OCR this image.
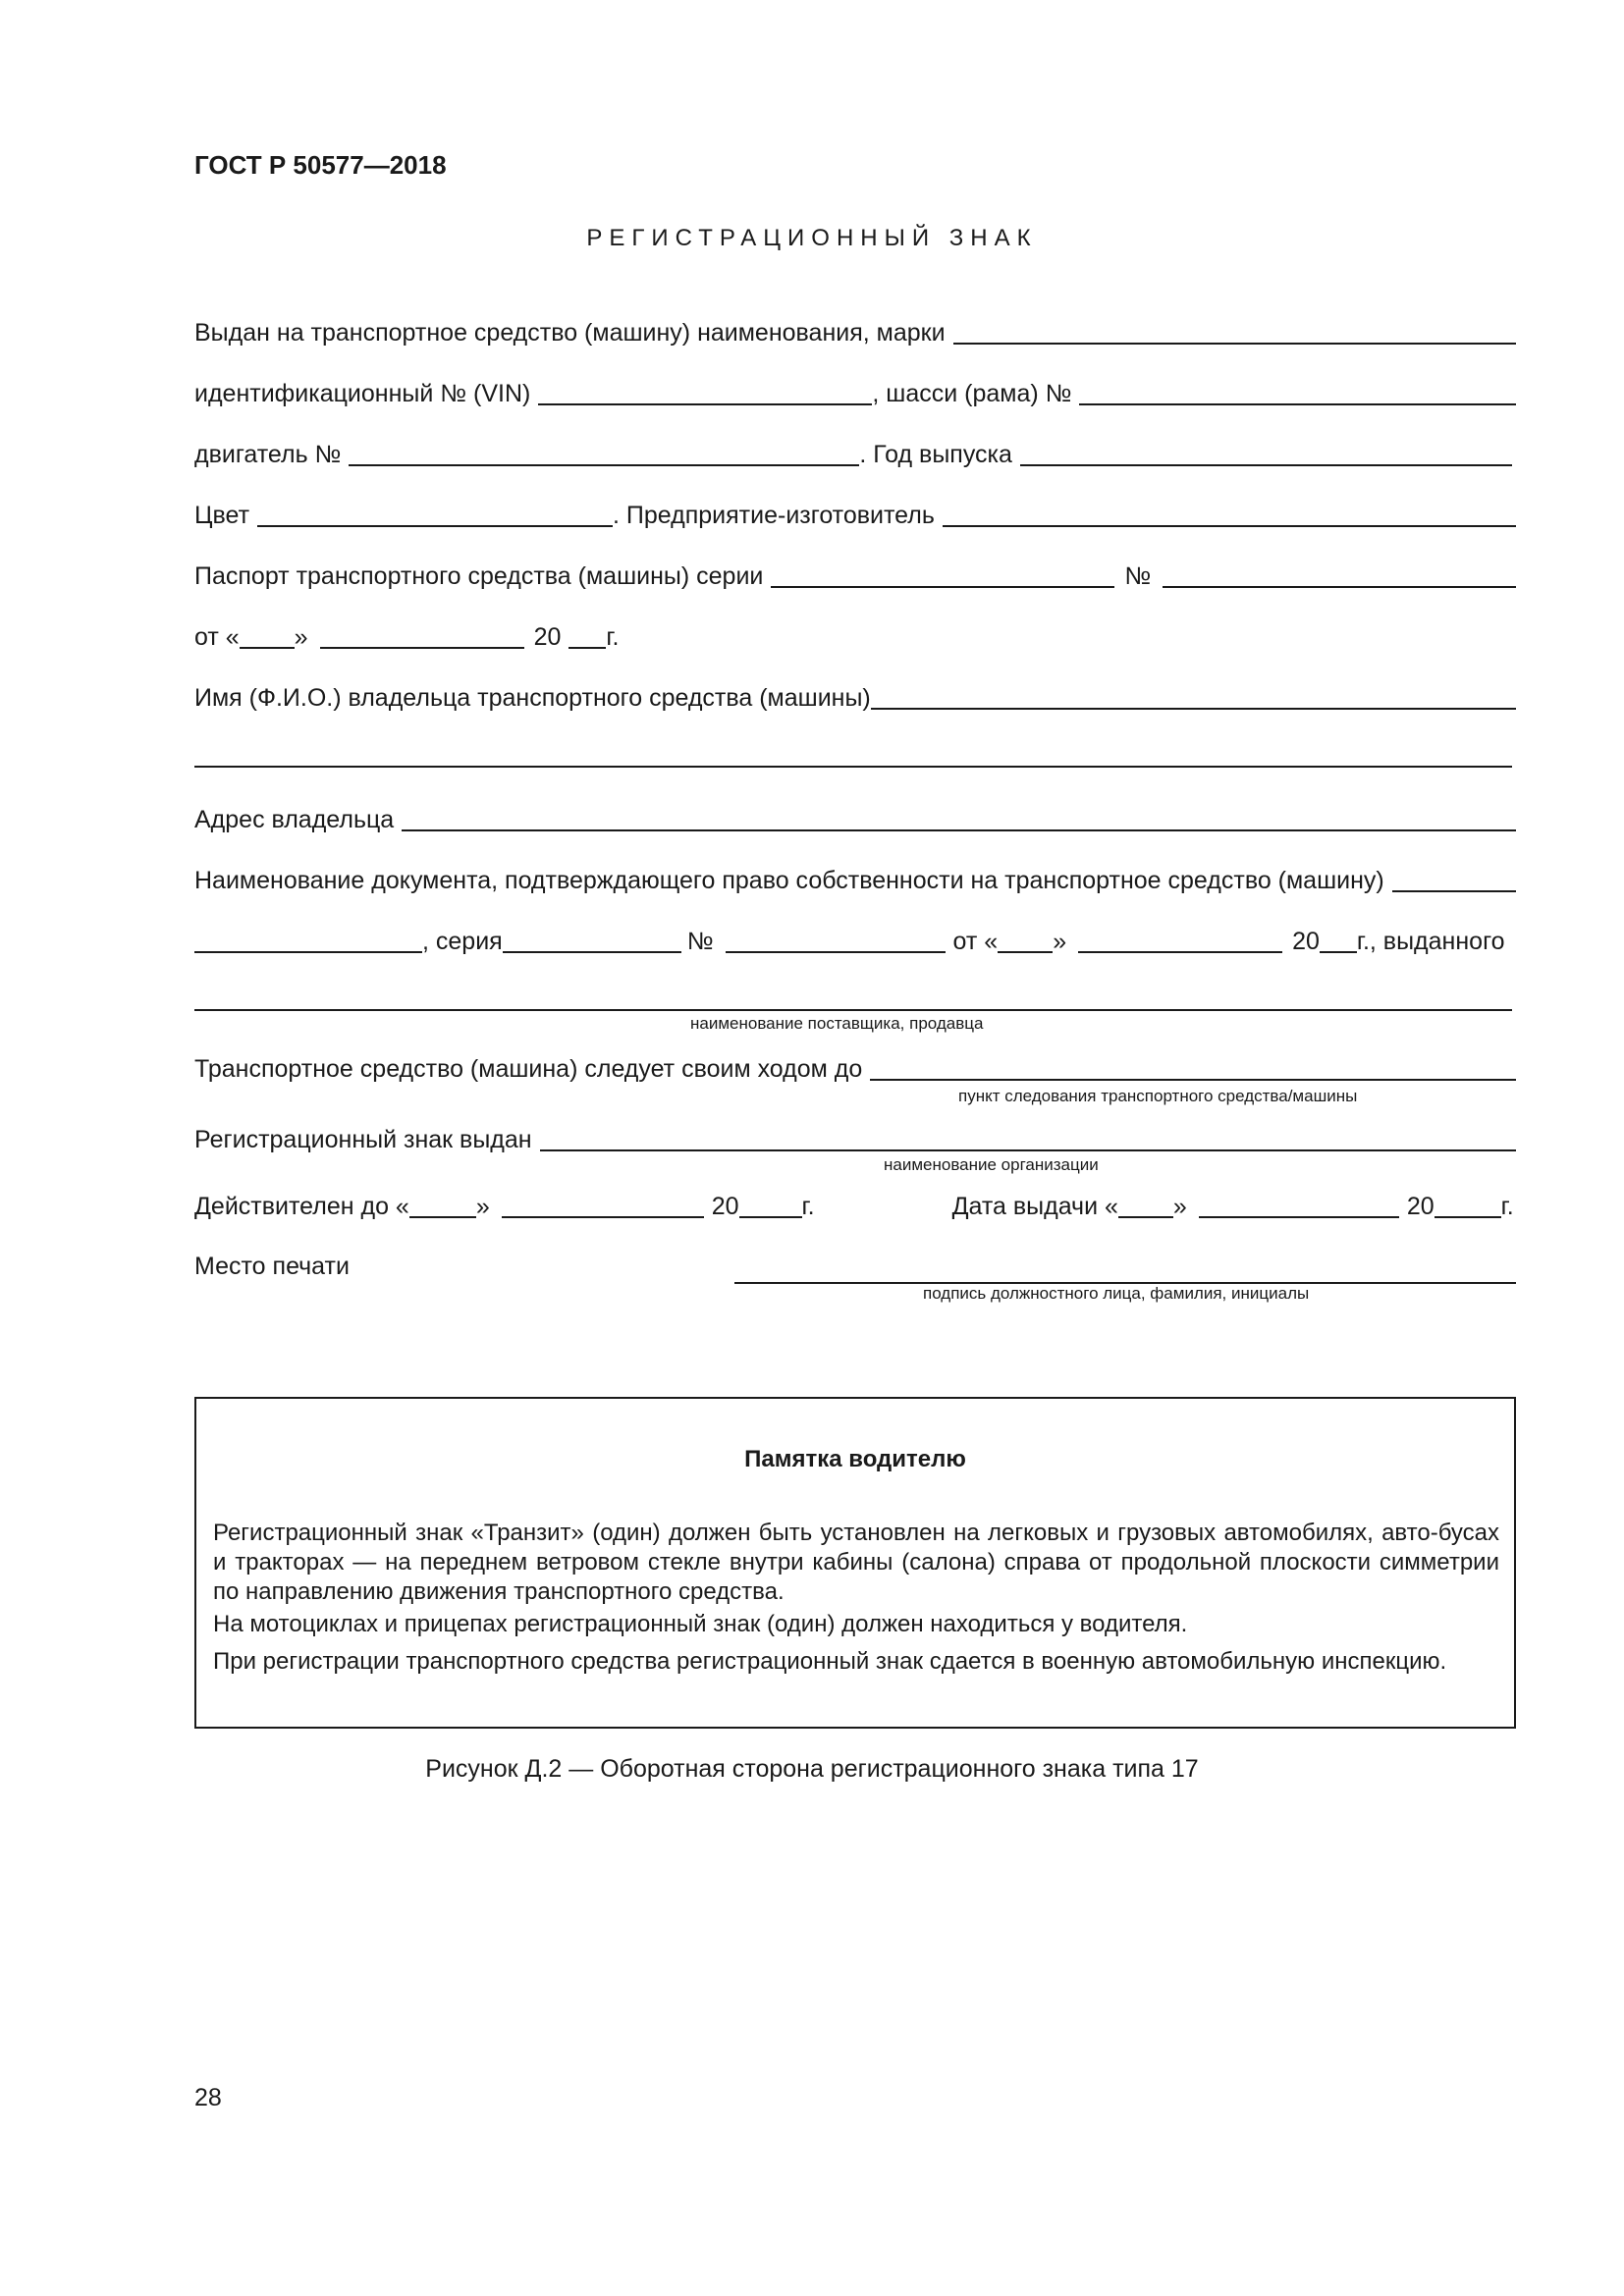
ГОСТ Р 50577—2018
РЕГИСТРАЦИОННЫЙ ЗНАК
Выдан на транспортное средство (машину) наименования, марки
идентификационный № (VIN)	, шасси (рама) №
двигатель №	. Год выпуска
Цвет	. Предприятие-изготовитель
Паспорт транспортного средства (машины) серии	№
от « »	20 г.
Имя (Ф.И.О.) владельца транспортного средства (машины)
Адрес владельца
Наименование документа, подтверждающего право собственности на транспортное средство (машину)
, серия	№	от « »	20 г., выданного
наименование поставщика, продавца
Транспортное средство (машина) следует своим ходом до
пункт следования транспортного средства/машины
Регистрационный знак выдан
наименование организации
Действителен до «	»	20	г.	Дата выдачи « »	20	г.
Место печати
подпись должностного лица, фамилия, инициалы
Памятка водителю
Регистрационный знак «Транзит» (один) должен быть установлен на легковых и грузовых автомобилях, авто-бусах и тракторах — на переднем ветровом стекле внутри кабины (салона) справа от продольной плоскости симметрии по направлению движения транспортного средства.
На мотоциклах и прицепах регистрационный знак (один) должен находиться у водителя.
При регистрации транспортного средства регистрационный знак сдается в военную автомобильную инспекцию.
Рисунок Д.2 — Оборотная сторона регистрационного знака типа 17
28
